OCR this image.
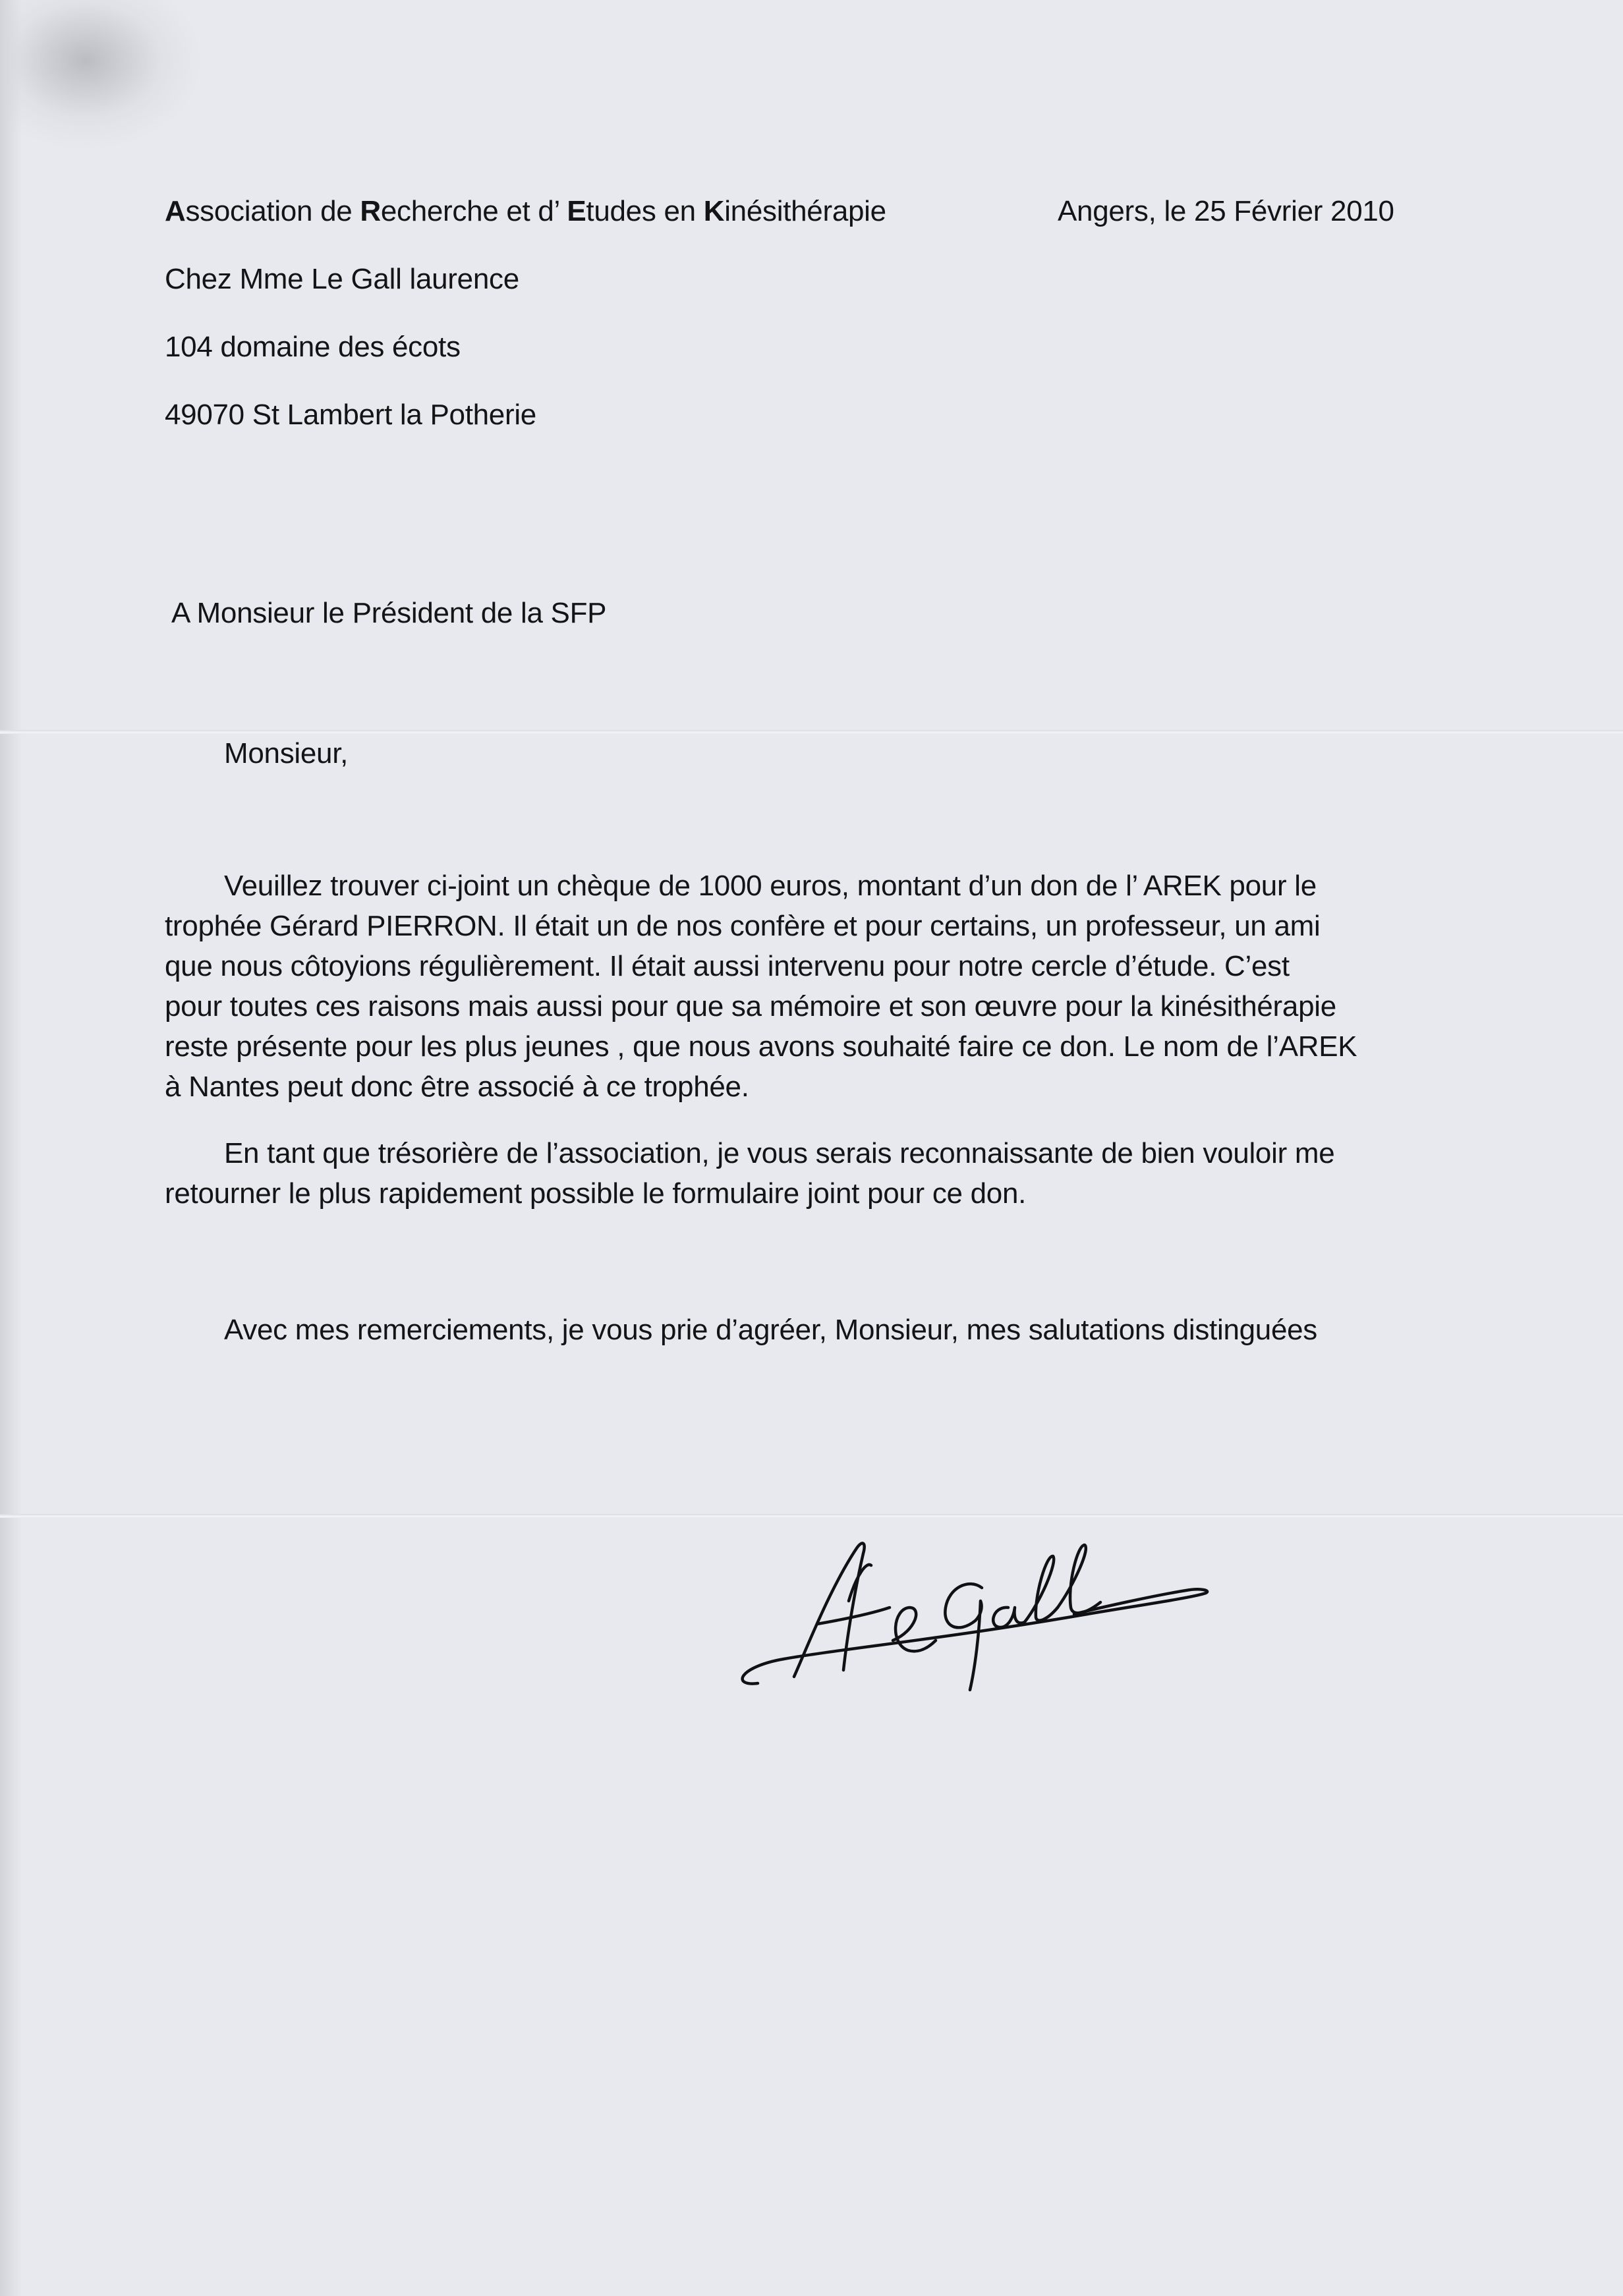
Association de Recherche et d’ Etudes en Kinésithérapie	Angers, le 25 Février 2010
Chez Mme Le Gall laurence
104 domaine des écots
49070 St Lambert la Potherie
A Monsieur le Président de la SFP
Monsieur,
Veuillez trouver ci-joint un chèque de 1000 euros, montant d’un don de l’ AREK pour le
trophée Gérard PIERRON. Il était un de nos confère et pour certains, un professeur, un ami
que nous côtoyions régulièrement. Il était aussi intervenu pour notre cercle d’étude. C’est
pour toutes ces raisons mais aussi pour que sa mémoire et son œuvre pour la kinésithérapie
reste présente pour les plus jeunes , que nous avons souhaité faire ce don. Le nom de l’AREK
à Nantes peut donc être associé à ce trophée.
En tant que trésorière de l’association, je vous serais reconnaissante de bien vouloir me
retourner le plus rapidement possible le formulaire joint pour ce don.
Avec mes remerciements, je vous prie d’agréer, Monsieur, mes salutations distinguées
